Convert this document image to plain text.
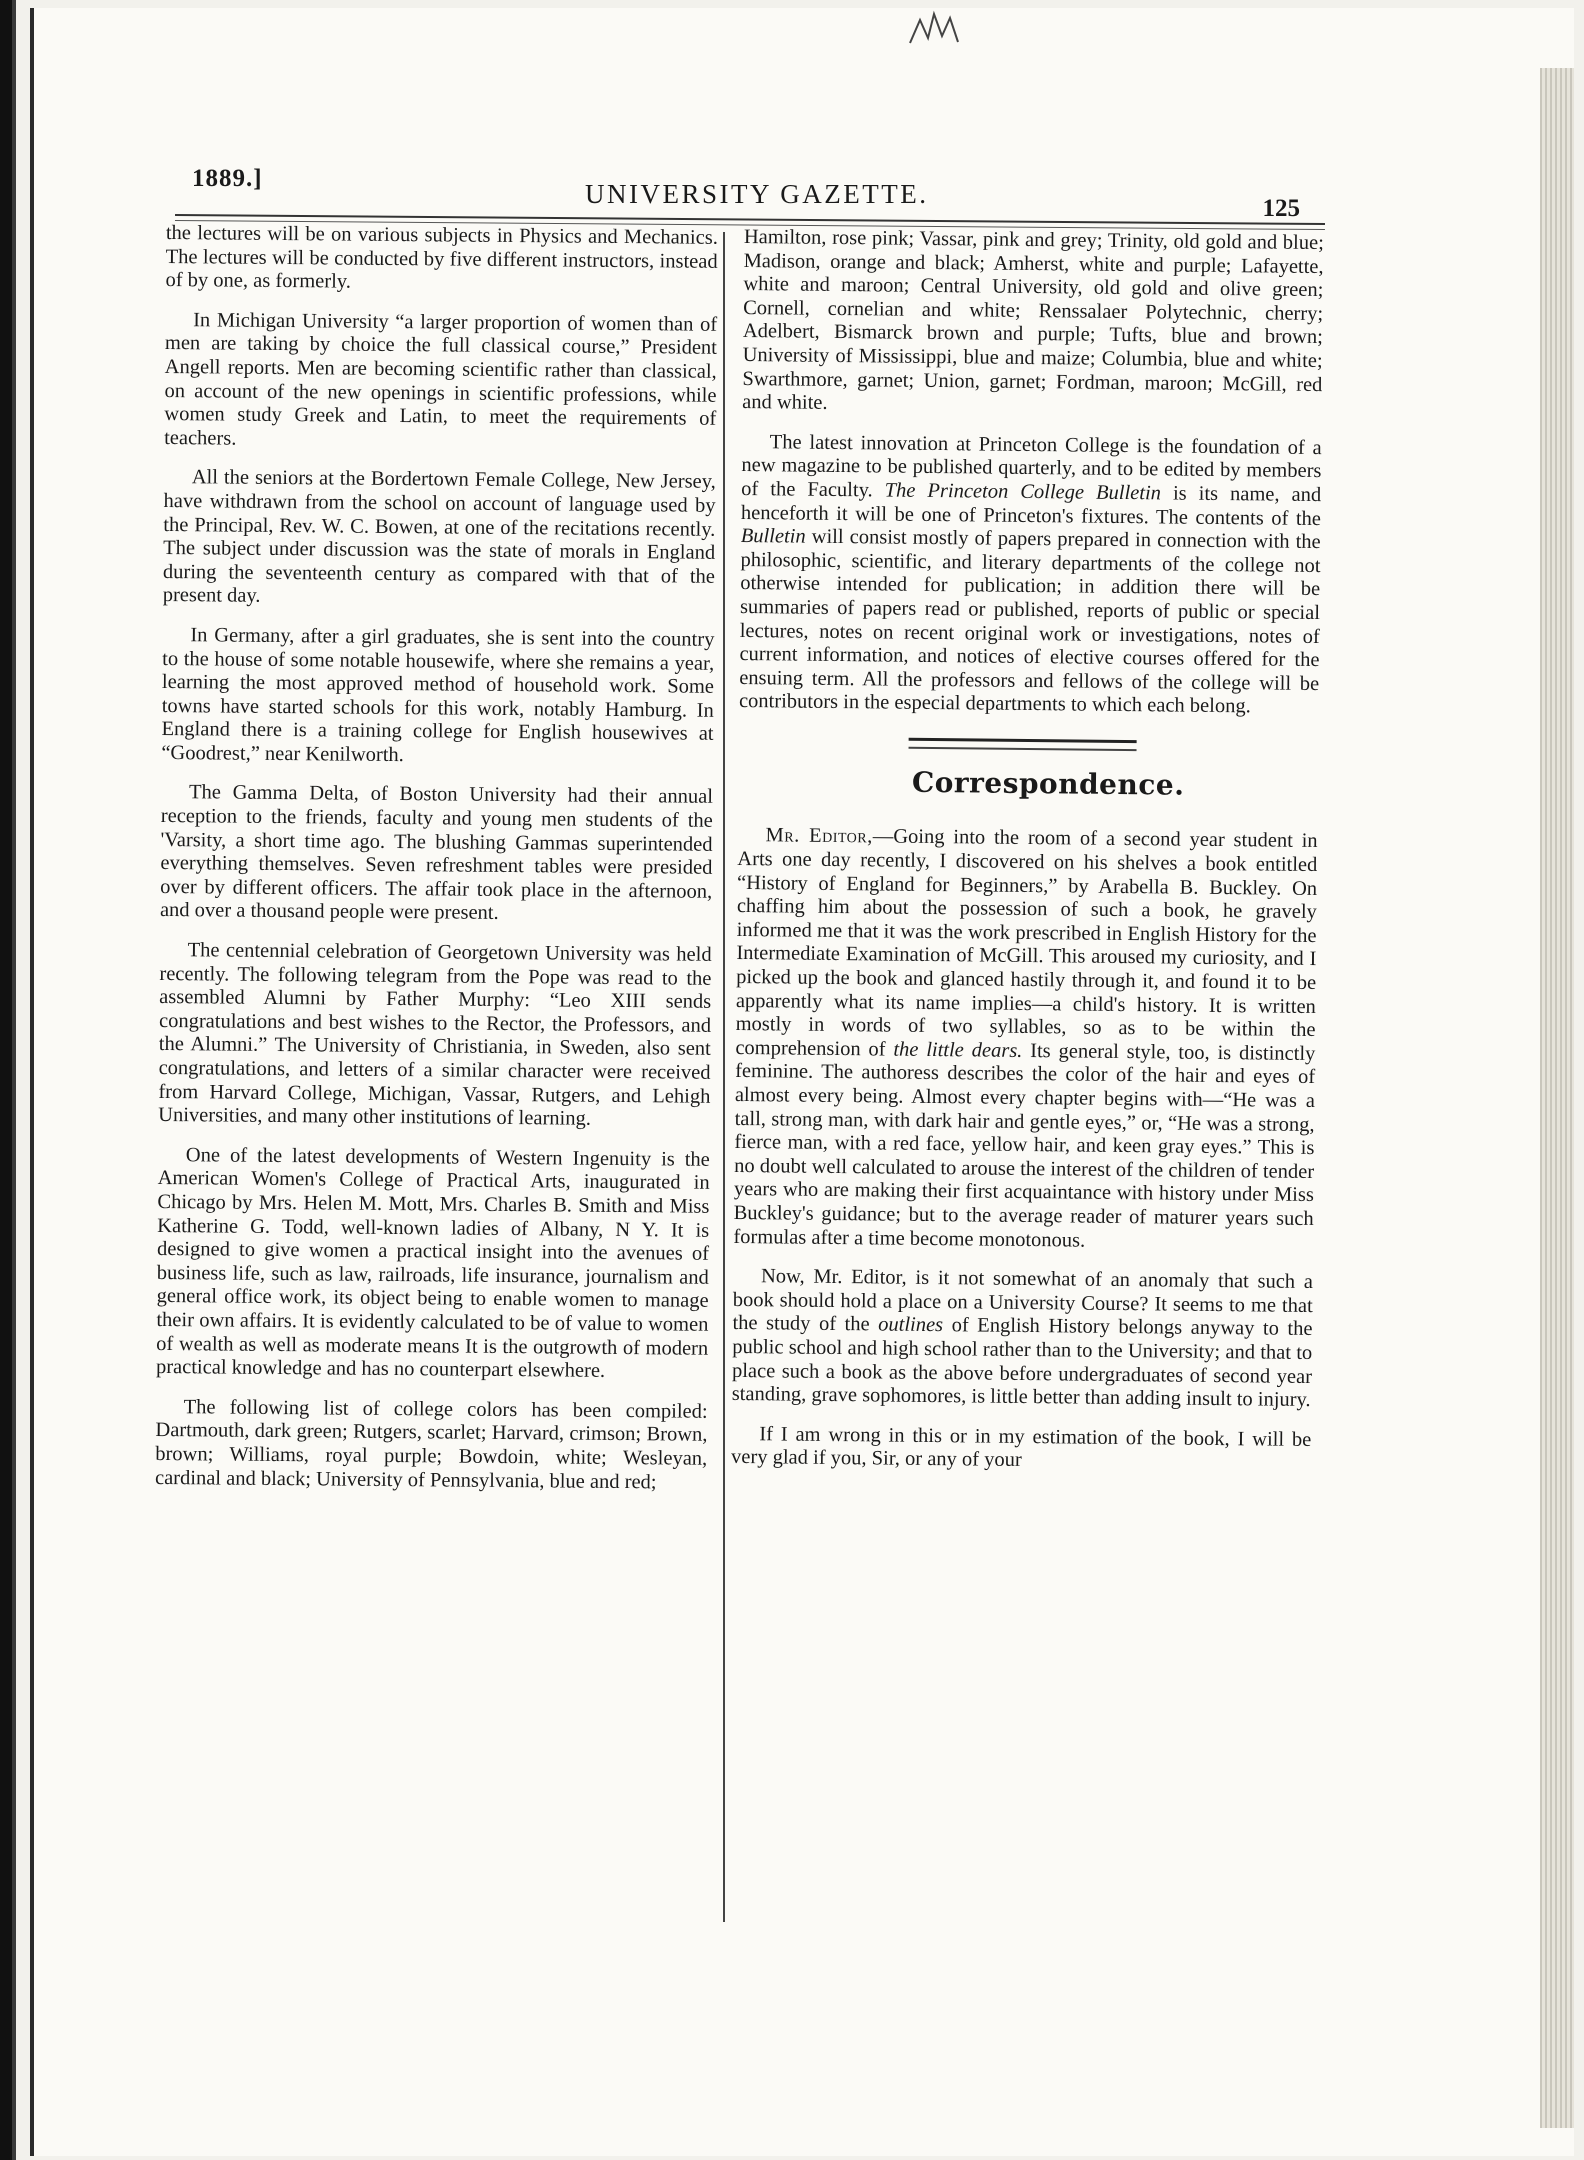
1889.]
UNIVERSITY GAZETTE.	125

the lectures will be on various subjects in Physics and Mechanics. The lectures will be conducted by five different instructors, instead of by one, as formerly.

In Michigan University “a larger proportion of women than of men are taking by choice the full classical course,” President Angell reports. Men are becoming scientific rather than classical, on account of the new openings in scientific professions, while women study Greek and Latin, to meet the requirements of teachers.

All the seniors at the Bordertown Female College, New Jersey, have withdrawn from the school on account of language used by the Principal, Rev. W. C. Bowen, at one of the recitations recently. The subject under discussion was the state of morals in England during the seventeenth century as compared with that of the present day.

In Germany, after a girl graduates, she is sent into the country to the house of some notable housewife, where she remains a year, learning the most approved method of household work. Some towns have started schools for this work, notably Hamburg. In England there is a training college for English housewives at “Goodrest,” near Kenilworth.

The Gamma Delta, of Boston University had their annual reception to the friends, faculty and young men students of the 'Varsity, a short time ago. The blushing Gammas superintended everything themselves. Seven refreshment tables were presided over by different officers. The affair took place in the afternoon, and over a thousand people were present.

The centennial celebration of Georgetown University was held recently. The following telegram from the Pope was read to the assembled Alumni by Father Murphy: “Leo XIII sends congratulations and best wishes to the Rector, the Professors, and the Alumni.” The University of Christiania, in Sweden, also sent congratulations, and letters of a similar character were received from Harvard College, Michigan, Vassar, Rutgers, and Lehigh Universities, and many other institutions of learning.

One of the latest developments of Western Ingenuity is the American Women's College of Practical Arts, inaugurated in Chicago by Mrs. Helen M. Mott, Mrs. Charles B. Smith and Miss Katherine G. Todd, well-known ladies of Albany, N Y. It is designed to give women a practical insight into the avenues of business life, such as law, railroads, life insurance, journalism and general office work, its object being to enable women to manage their own affairs. It is evidently calculated to be of value to women of wealth as well as moderate means It is the outgrowth of modern practical knowledge and has no counterpart elsewhere.

The following list of college colors has been compiled: Dartmouth, dark green; Rutgers, scarlet; Harvard, crimson; Brown, brown; Williams, royal purple; Bowdoin, white; Wesleyan, cardinal and black; University of Pennsylvania, blue and red;

Hamilton, rose pink; Vassar, pink and grey; Trinity, old gold and blue; Madison, orange and black; Amherst, white and purple; Lafayette, white and maroon; Central University, old gold and olive green; Cornell, cornelian and white; Renssalaer Polytechnic, cherry; Adelbert, Bismarck brown and purple; Tufts, blue and brown; University of Mississippi, blue and maize; Columbia, blue and white; Swarthmore, garnet; Union, garnet; Fordman, maroon; McGill, red and white.

The latest innovation at Princeton College is the foundation of a new magazine to be published quarterly, and to be edited by members of the Faculty. The Princeton College Bulletin is its name, and henceforth it will be one of Princeton's fixtures. The contents of the Bulletin will consist mostly of papers prepared in connection with the philosophic, scientific, and literary departments of the college not otherwise intended for publication; in addition there will be summaries of papers read or published, reports of public or special lectures, notes on recent original work or investigations, notes of current information, and notices of elective courses offered for the ensuing term. All the professors and fellows of the college will be contributors in the especial departments to which each belong.

Correspondence.

Mr. Editor,—Going into the room of a second year student in Arts one day recently, I discovered on his shelves a book entitled “History of England for Beginners,” by Arabella B. Buckley. On chaffing him about the possession of such a book, he gravely informed me that it was the work prescribed in English History for the Intermediate Examination of McGill. This aroused my curiosity, and I picked up the book and glanced hastily through it, and found it to be apparently what its name implies—a child's history. It is written mostly in words of two syllables, so as to be within the comprehension of the little dears. Its general style, too, is distinctly feminine. The authoress describes the color of the hair and eyes of almost every being. Almost every chapter begins with—“He was a tall, strong man, with dark hair and gentle eyes,” or, “He was a strong, fierce man, with a red face, yellow hair, and keen gray eyes.” This is no doubt well calculated to arouse the interest of the children of tender years who are making their first acquaintance with history under Miss Buckley's guidance; but to the average reader of maturer years such formulas after a time become monotonous.

Now, Mr. Editor, is it not somewhat of an anomaly that such a book should hold a place on a University Course? It seems to me that the study of the outlines of English History belongs anyway to the public school and high school rather than to the University; and that to place such a book as the above before undergraduates of second year standing, grave sophomores, is little better than adding insult to injury.

If I am wrong in this or in my estimation of the book, I will be very glad if you, Sir, or any of your
